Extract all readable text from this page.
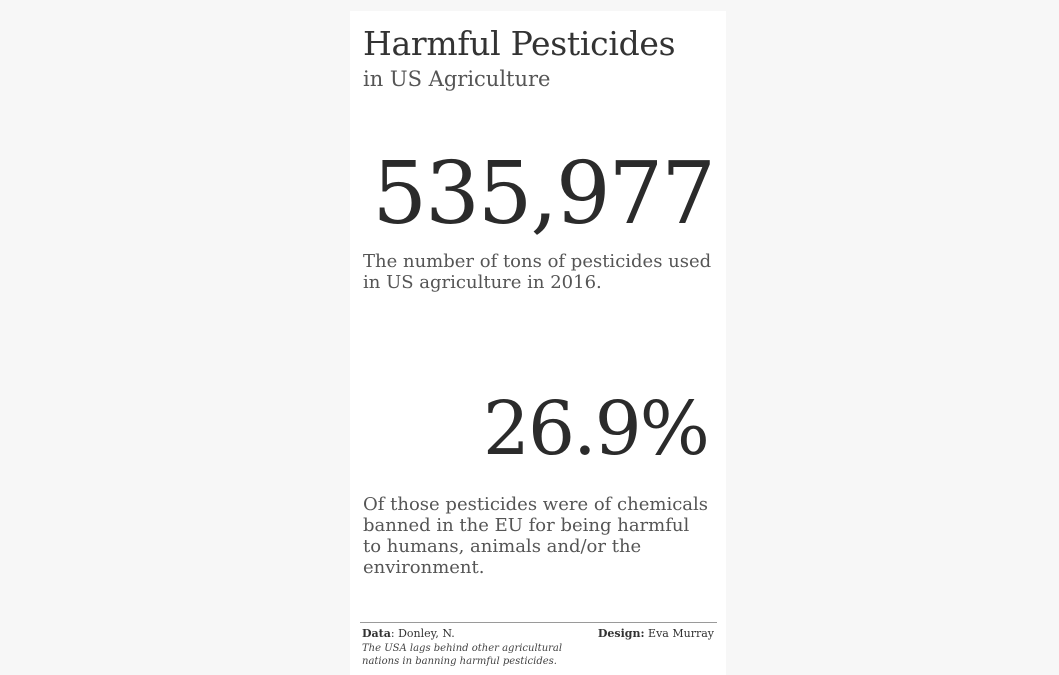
Harmful Pesticides
in US Agriculture
535,977
The number of tons of pesticides used in US agriculture in 2016.
26.9%
Of those pesticides were of chemicals banned in the EU for being harmful to humans, animals and/or the environment.
Data: Donley, N.
The USA lags behind other agricultural nations in banning harmful pesticides.
Design: Eva Murray
